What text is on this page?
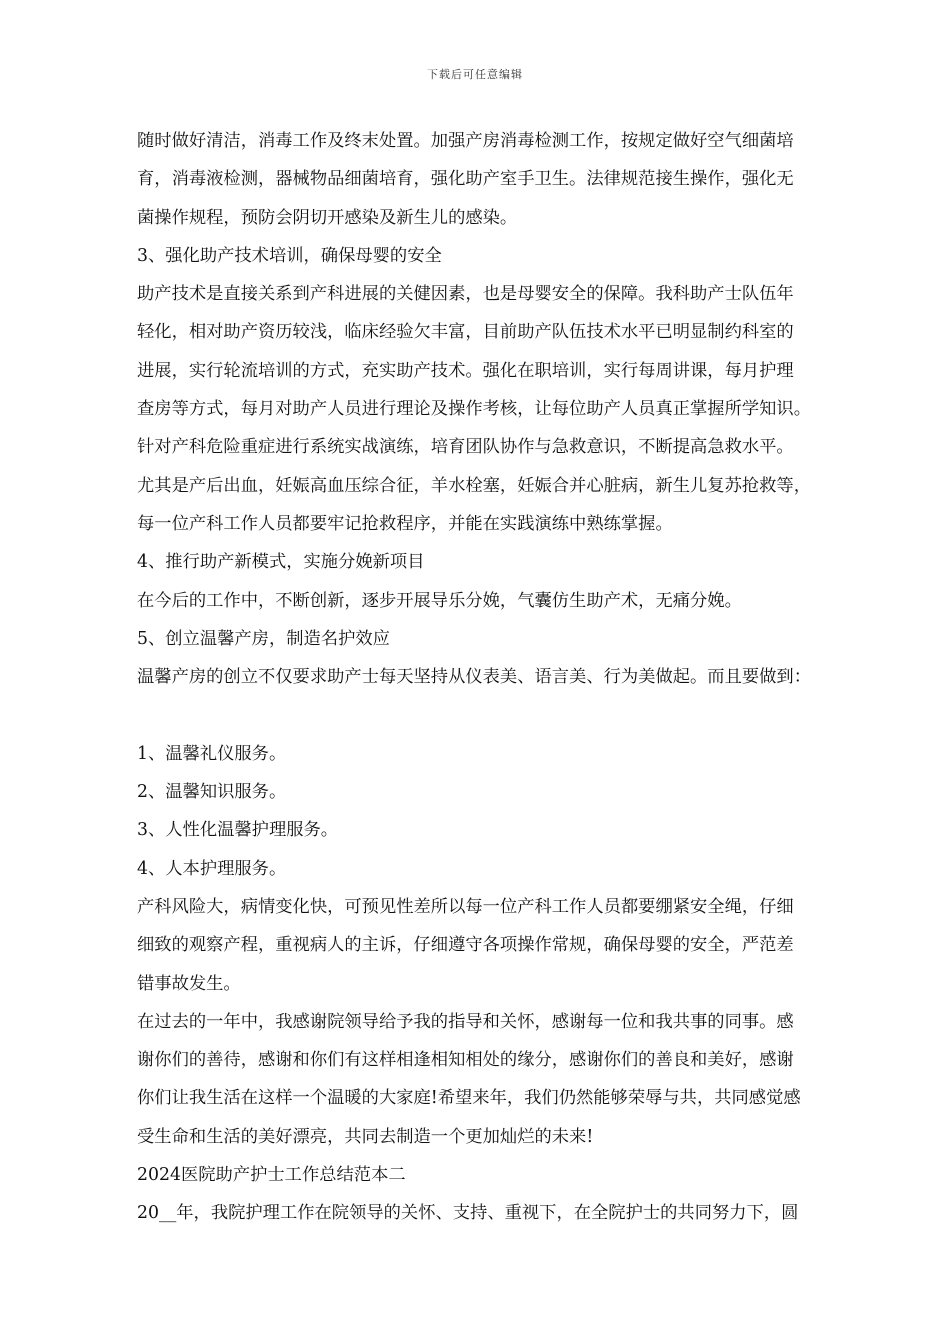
下载后可任意编辑
随时做好清洁，消毒工作及终末处置。加强产房消毒检测工作，按规定做好空气细菌培
育，消毒液检测，器械物品细菌培育，强化助产室手卫生。法律规范接生操作，强化无
菌操作规程，预防会阴切开感染及新生儿的感染。
3、强化助产技术培训，确保母婴的安全
助产技术是直接关系到产科进展的关健因素，也是母婴安全的保障。我科助产士队伍年
轻化，相对助产资历较浅，临床经验欠丰富，目前助产队伍技术水平已明显制约科室的
进展，实行轮流培训的方式，充实助产技术。强化在职培训，实行每周讲课，每月护理
查房等方式，每月对助产人员进行理论及操作考核，让每位助产人员真正掌握所学知识。
针对产科危险重症进行系统实战演练，培育团队协作与急救意识，不断提高急救水平。
尤其是产后出血，妊娠高血压综合征，羊水栓塞，妊娠合并心脏病，新生儿复苏抢救等，
每一位产科工作人员都要牢记抢救程序，并能在实践演练中熟练掌握。
4、推行助产新模式，实施分娩新项目
在今后的工作中，不断创新，逐步开展导乐分娩，气囊仿生助产术，无痛分娩。
5、创立温馨产房，制造名护效应
温馨产房的创立不仅要求助产士每天坚持从仪表美、语言美、行为美做起。而且要做到：
1、温馨礼仪服务。
2、温馨知识服务。
3、人性化温馨护理服务。
4、人本护理服务。
产科风险大，病情变化快，可预见性差所以每一位产科工作人员都要绷紧安全绳，仔细
细致的观察产程，重视病人的主诉，仔细遵守各项操作常规，确保母婴的安全，严范差
错事故发生。
在过去的一年中，我感谢院领导给予我的指导和关怀，感谢每一位和我共事的同事。感
谢你们的善待，感谢和你们有这样相逢相知相处的缘分，感谢你们的善良和美好，感谢
你们让我生活在这样一个温暖的大家庭!希望来年，我们仍然能够荣辱与共，共同感觉感
受生命和生活的美好漂亮，共同去制造一个更加灿烂的未来!
2024医院助产护士工作总结范本二
20__年，我院护理工作在院领导的关怀、支持、重视下，在全院护士的共同努力下，圆
